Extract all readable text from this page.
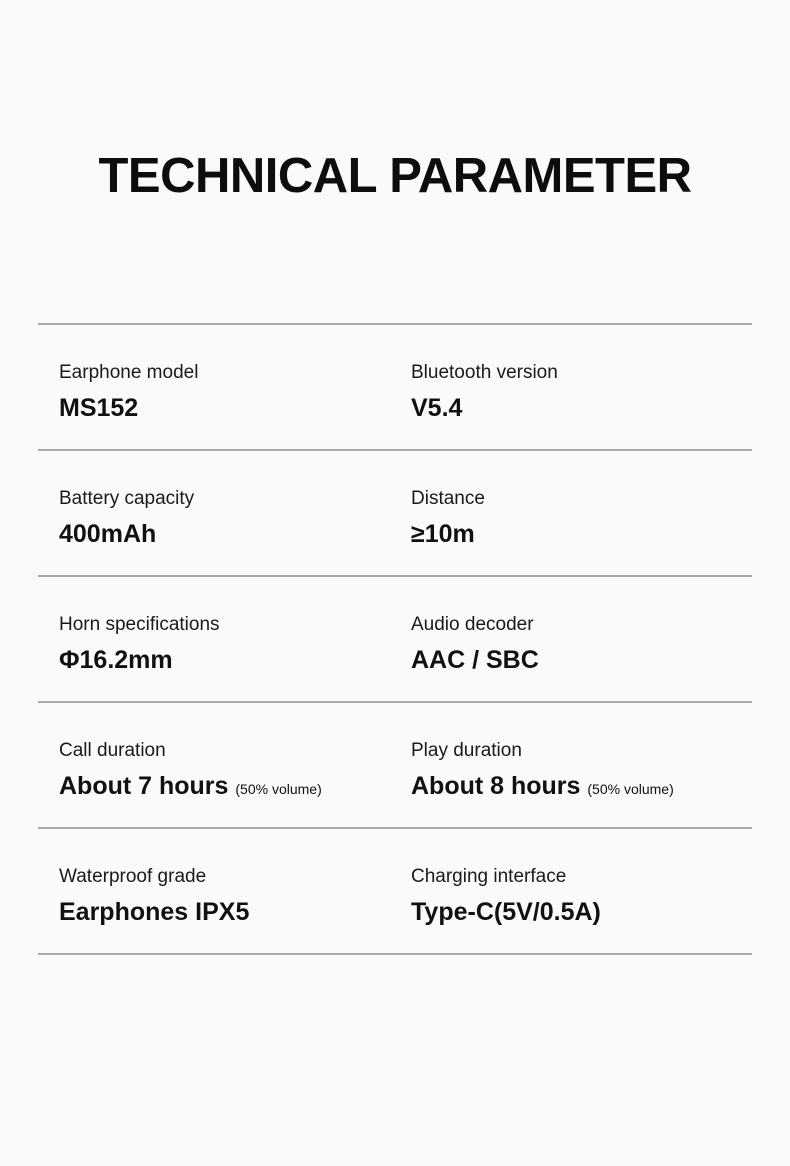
TECHNICAL PARAMETER
Earphone model
MS152
Bluetooth version
V5.4
Battery capacity
400mAh
Distance
≥10m
Horn specifications
Φ16.2mm
Audio decoder
AAC / SBC
Call duration
About 7 hours (50% volume)
Play duration
About 8 hours (50% volume)
Waterproof grade
Earphones IPX5
Charging interface
Type-C(5V/0.5A)
